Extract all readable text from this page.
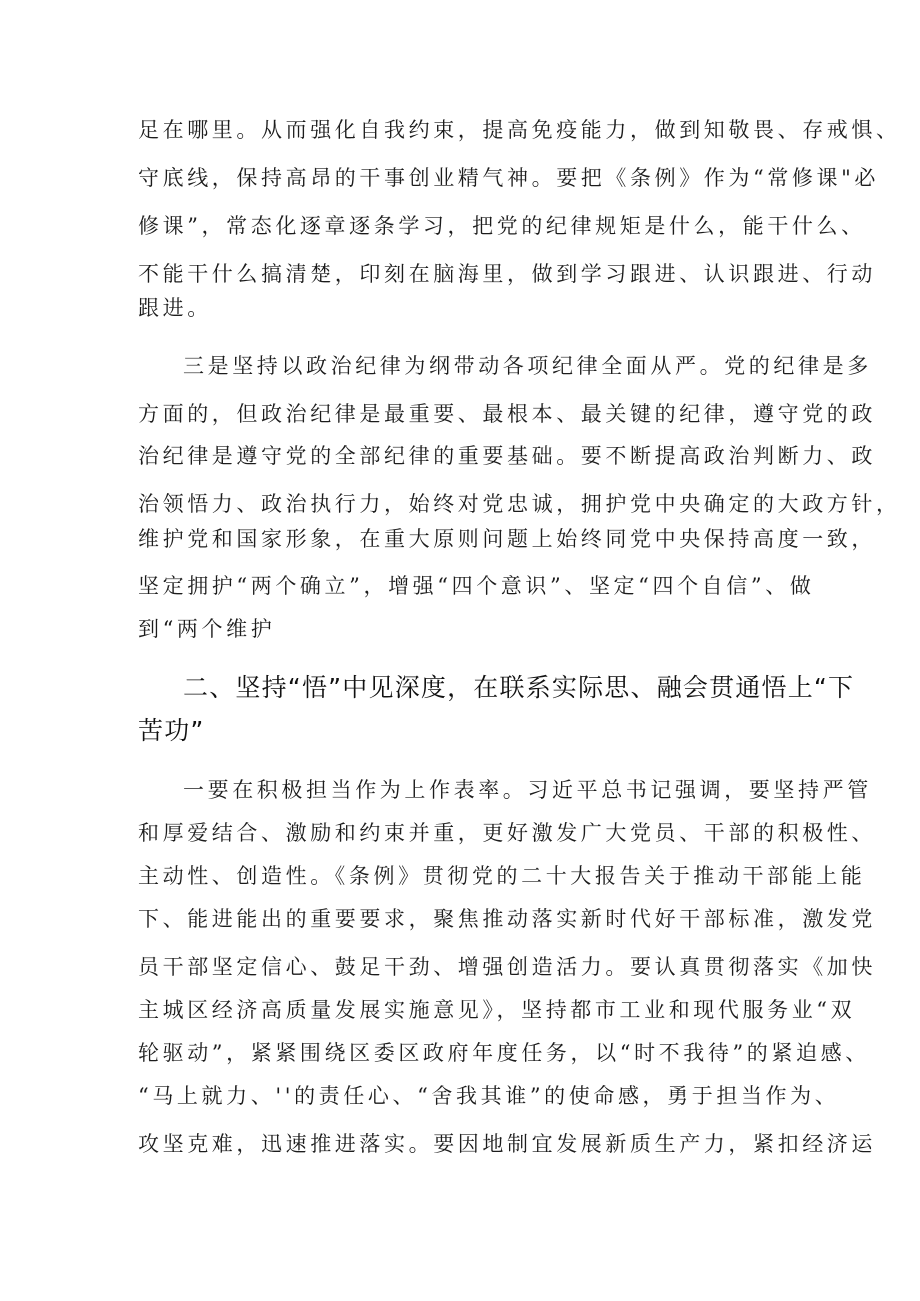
足在哪里。从而强化自我约束，提高免疫能力，做到知敬畏、存戒惧、

守底线，保持高昂的干事创业精气神。要把《条例》作为“常修课"必

修课”，常态化逐章逐条学习，把党的纪律规矩是什么，能干什么、

不能干什么搞清楚，印刻在脑海里，做到学习跟进、认识跟进、行动

跟进。

三是坚持以政治纪律为纲带动各项纪律全面从严。党的纪律是多

方面的，但政治纪律是最重要、最根本、最关键的纪律，遵守党的政

治纪律是遵守党的全部纪律的重要基础。要不断提高政治判断力、政

治领悟力、政治执行力，始终对党忠诚，拥护党中央确定的大政方针，

维护党和国家形象，在重大原则问题上始终同党中央保持高度一致，

坚定拥护“两个确立”，增强“四个意识”、坚定“四个自信”、做

到“两个维护

二、坚持“悟”中见深度，在联系实际思、融会贯通悟上“下

苦功”

一要在积极担当作为上作表率。习近平总书记强调，要坚持严管

和厚爱结合、激励和约束并重，更好激发广大党员、干部的积极性、

主动性、创造性。《条例》贯彻党的二十大报告关于推动干部能上能

下、能进能出的重要要求，聚焦推动落实新时代好干部标准，激发党

员干部坚定信心、鼓足干劲、增强创造活力。要认真贯彻落实《加快

主城区经济高质量发展实施意见》，坚持都市工业和现代服务业“双

轮驱动”，紧紧围绕区委区政府年度任务，以“时不我待”的紧迫感、

“马上就力、''的责任心、“舍我其谁”的使命感，勇于担当作为、

攻坚克难，迅速推进落实。要因地制宜发展新质生产力，紧扣经济运
